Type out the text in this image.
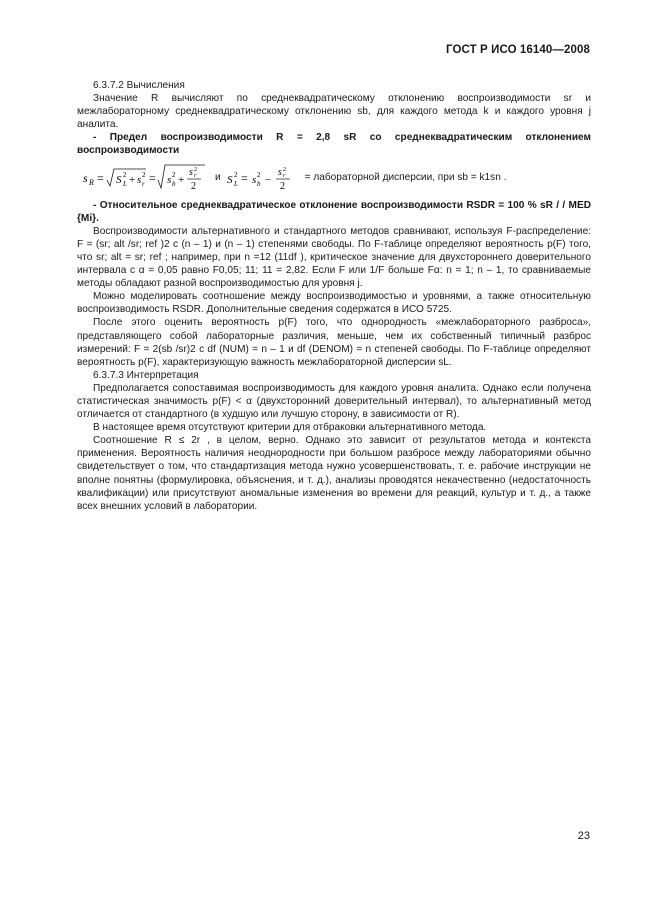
ГОСТ Р ИСО 16140—2008

6.3.7.2 Вычисления

Значение R вычисляют по среднеквадратическому отклонению воспроизводимости sr и межлабораторному среднеквадратическому отклонению sb, для каждого метода k и каждого уровня j аналита.

- Предел воспроизводимости R = 2,8 sR со среднеквадратическим отклонением воспроизводимости

s R = S L
2 + s r
2 = s b
2 +
s r
2
2
и S L
2 = s b
2 −
s r
2
2
= лабораторной дисперсии, при sb = k1sn .

- Относительное среднеквадратическое отклонение воспроизводимости RSDR = 100 % sR / / MED {Mi}.

Воспроизводимости альтернативного и стандартного методов сравнивают, используя F-распределение: F = (sr; alt /sr; ref )2 с (n – 1) и (n – 1) степенями свободы. По F-таблице определяют вероятность p(F) того, что sr; alt = sr; ref ; например, при n =12 (11df ), критическое значение для двухстороннего доверительного интервала с α = 0,05 равно F0,05; 11; 11 = 2,82. Если F или 1/F больше Fα: n = 1; n – 1, то сравниваемые методы обладают разной воспроизводимостью для уровня j.

Можно моделировать соотношение между воспроизводимостью и уровнями, а также относительную воспроизводимость RSDR. Дополнительные сведения содержатся в ИСО 5725.

После этого оценить вероятность p(F) того, что однородность «межлабораторного разброса», представляющего собой лабораторные различия, меньше, чем их собственный типичный разброс измерений: F = 2(sb /sr)2 с df (NUM) = n – 1 и df (DENOM) = n степеней свободы. По F-таблице определяют вероятность p(F), характеризующую важность межлабораторной дисперсии sL.

6.3.7.3 Интерпретация

Предполагается сопоставимая воспроизводимость для каждого уровня аналита. Однако если получена статистическая значимость p(F) < α (двухсторонний доверительный интервал), то альтернативный метод отличается от стандартного (в худшую или лучшую сторону, в зависимости от R).

В настоящее время отсутствуют критерии для отбраковки альтернативного метода.

Соотношение R ≤ 2r , в целом, верно. Однако это зависит от результатов метода и контекста применения. Вероятность наличия неоднородности при большом разбросе между лабораториями обычно свидетельствует о том, что стандартизация метода нужно усовершенствовать, т. е. рабочие инструкции не вполне понятны (формулировка, объяснения, и т. д.), анализы проводятся некачественно (недостаточность квалификации) или присутствуют аномальные изменения во времени для реакций, культур и т. д., а также всех внешних условий в лаборатории.

23
